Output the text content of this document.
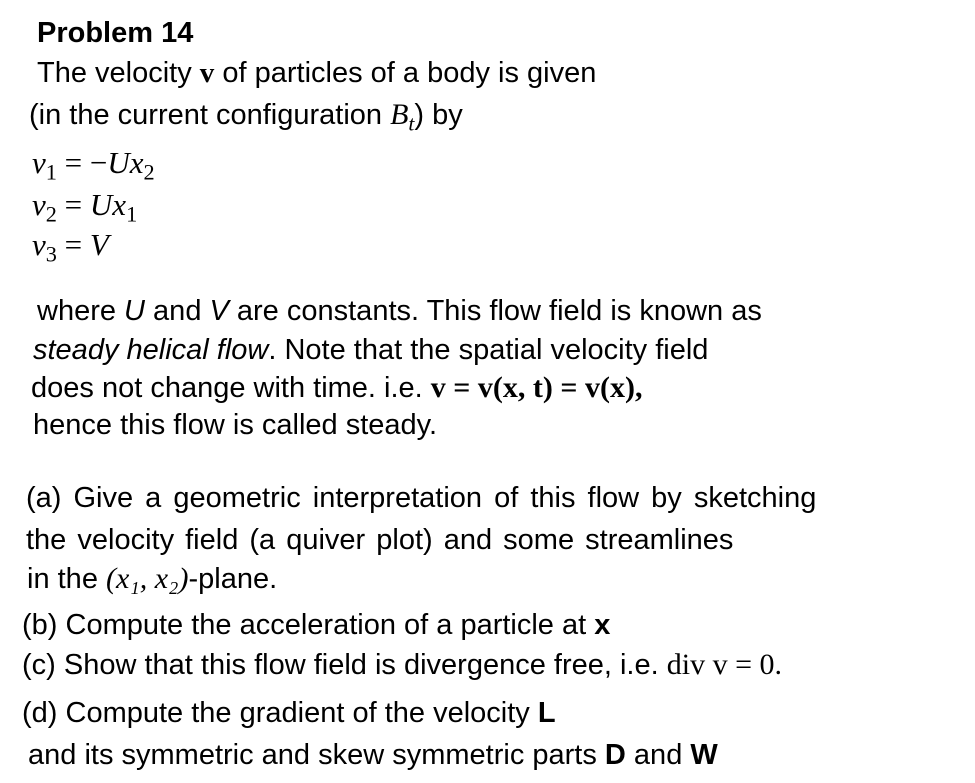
Problem 14
The velocity v of particles of a body is given
(in the current configuration $B_t$) by
$v_1 = -Ux_2$
$v_2 = Ux_1$
$v_3 = V$
where U and V are constants. This flow field is known as
steady helical flow. Note that the spatial velocity field
does not change with time. i.e. v = v(x, t) = v(x),
hence this flow is called steady.
(a) Give a geometric interpretation of this flow by sketching
the velocity field (a quiver plot) and some streamlines
in the (x₁, x₂)-plane.
(b) Compute the acceleration of a particle at x
(c) Show that this flow field is divergence free, i.e. div v = 0.
(d) Compute the gradient of the velocity L
and its symmetric and skew symmetric parts D and W
